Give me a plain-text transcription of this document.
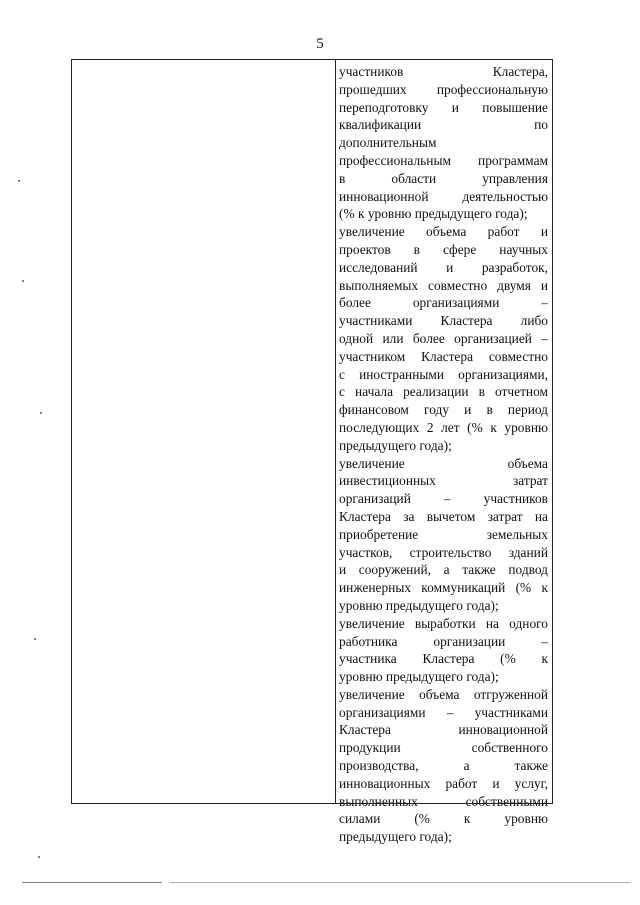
5
участников Кластера,
прошедших профессиональную
переподготовку и повышение
квалификации по
дополнительным
профессиональным программам
в области управления
инновационной деятельностью
(% к уровню предыдущего года);
увеличение объема работ и
проектов в сфере научных
исследований и разработок,
выполняемых совместно двумя и
более организациями –
участниками Кластера либо
одной или более организацией –
участником Кластера совместно
с иностранными организациями,
с начала реализации в отчетном
финансовом году и в период
последующих 2 лет (% к уровню
предыдущего года);
увеличение объема
инвестиционных затрат
организаций – участников
Кластера за вычетом затрат на
приобретение земельных
участков, строительство зданий
и сооружений, а также подвод
инженерных коммуникаций (% к
уровню предыдущего года);
увеличение выработки на одного
работника организации –
участника Кластера (% к
уровню предыдущего года);
увеличение объема отгруженной
организациями – участниками
Кластера инновационной
продукции собственного
производства, а также
инновационных работ и услуг,
выполненных собственными
силами (% к уровню
предыдущего года);
